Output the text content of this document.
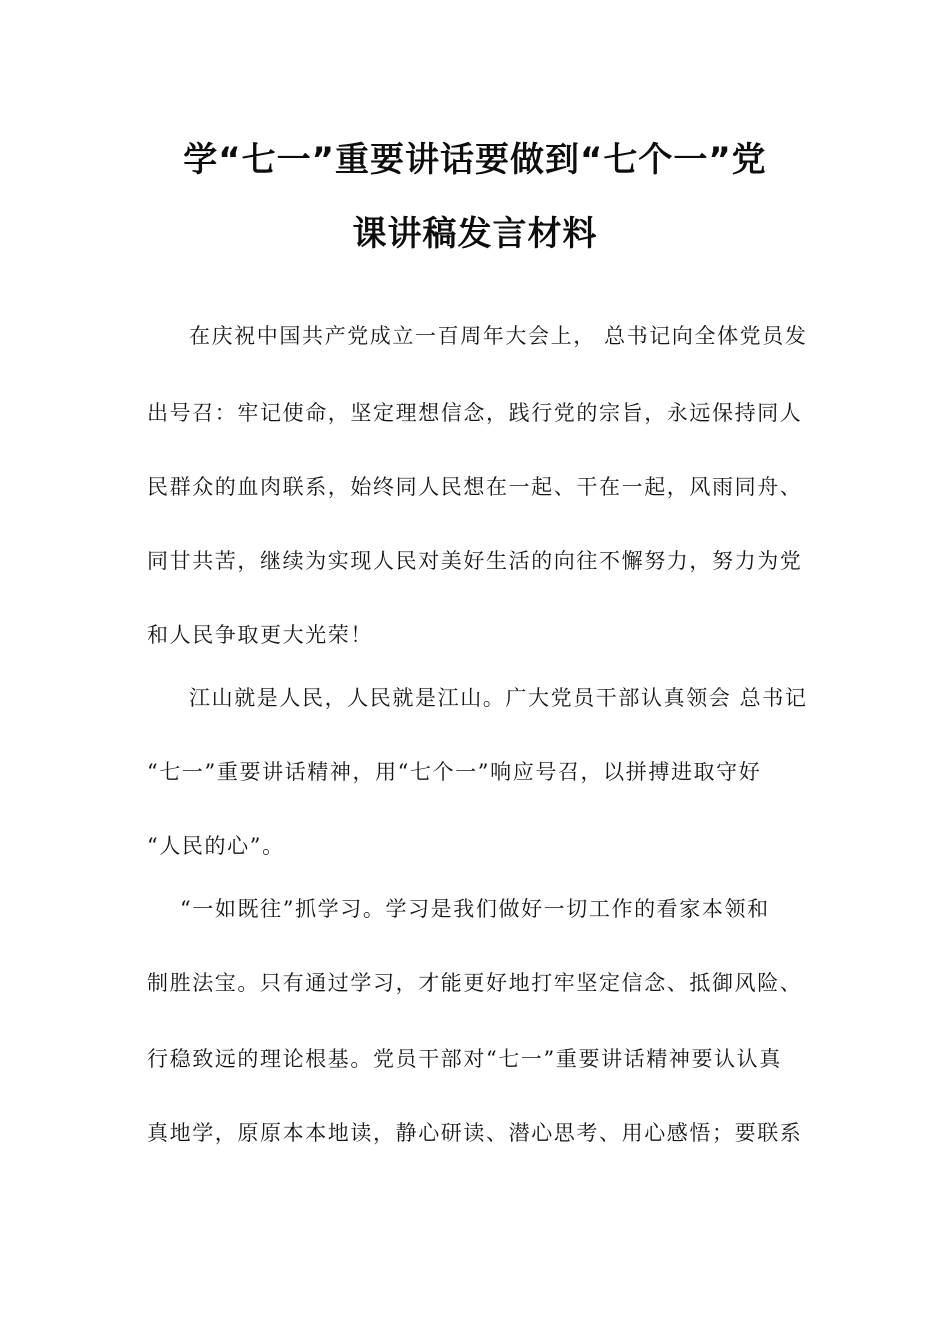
学“七一”重要讲话要做到“七个一”党
课讲稿发言材料
在庆祝中国共产党成立一百周年大会上， 总书记向全体党员发
出号召：牢记使命，坚定理想信念，践行党的宗旨，永远保持同人
民群众的血肉联系，始终同人民想在一起、干在一起，风雨同舟、
同甘共苦，继续为实现人民对美好生活的向往不懈努力，努力为党
和人民争取更大光荣！
江山就是人民，人民就是江山。广大党员干部认真领会 总书记
“七一”重要讲话精神，用“七个一”响应号召，以拼搏进取守好
“人民的心”。
“一如既往”抓学习。学习是我们做好一切工作的看家本领和
制胜法宝。只有通过学习，才能更好地打牢坚定信念、抵御风险、
行稳致远的理论根基。党员干部对“七一”重要讲话精神要认认真
真地学，原原本本地读，静心研读、潜心思考、用心感悟；要联系
